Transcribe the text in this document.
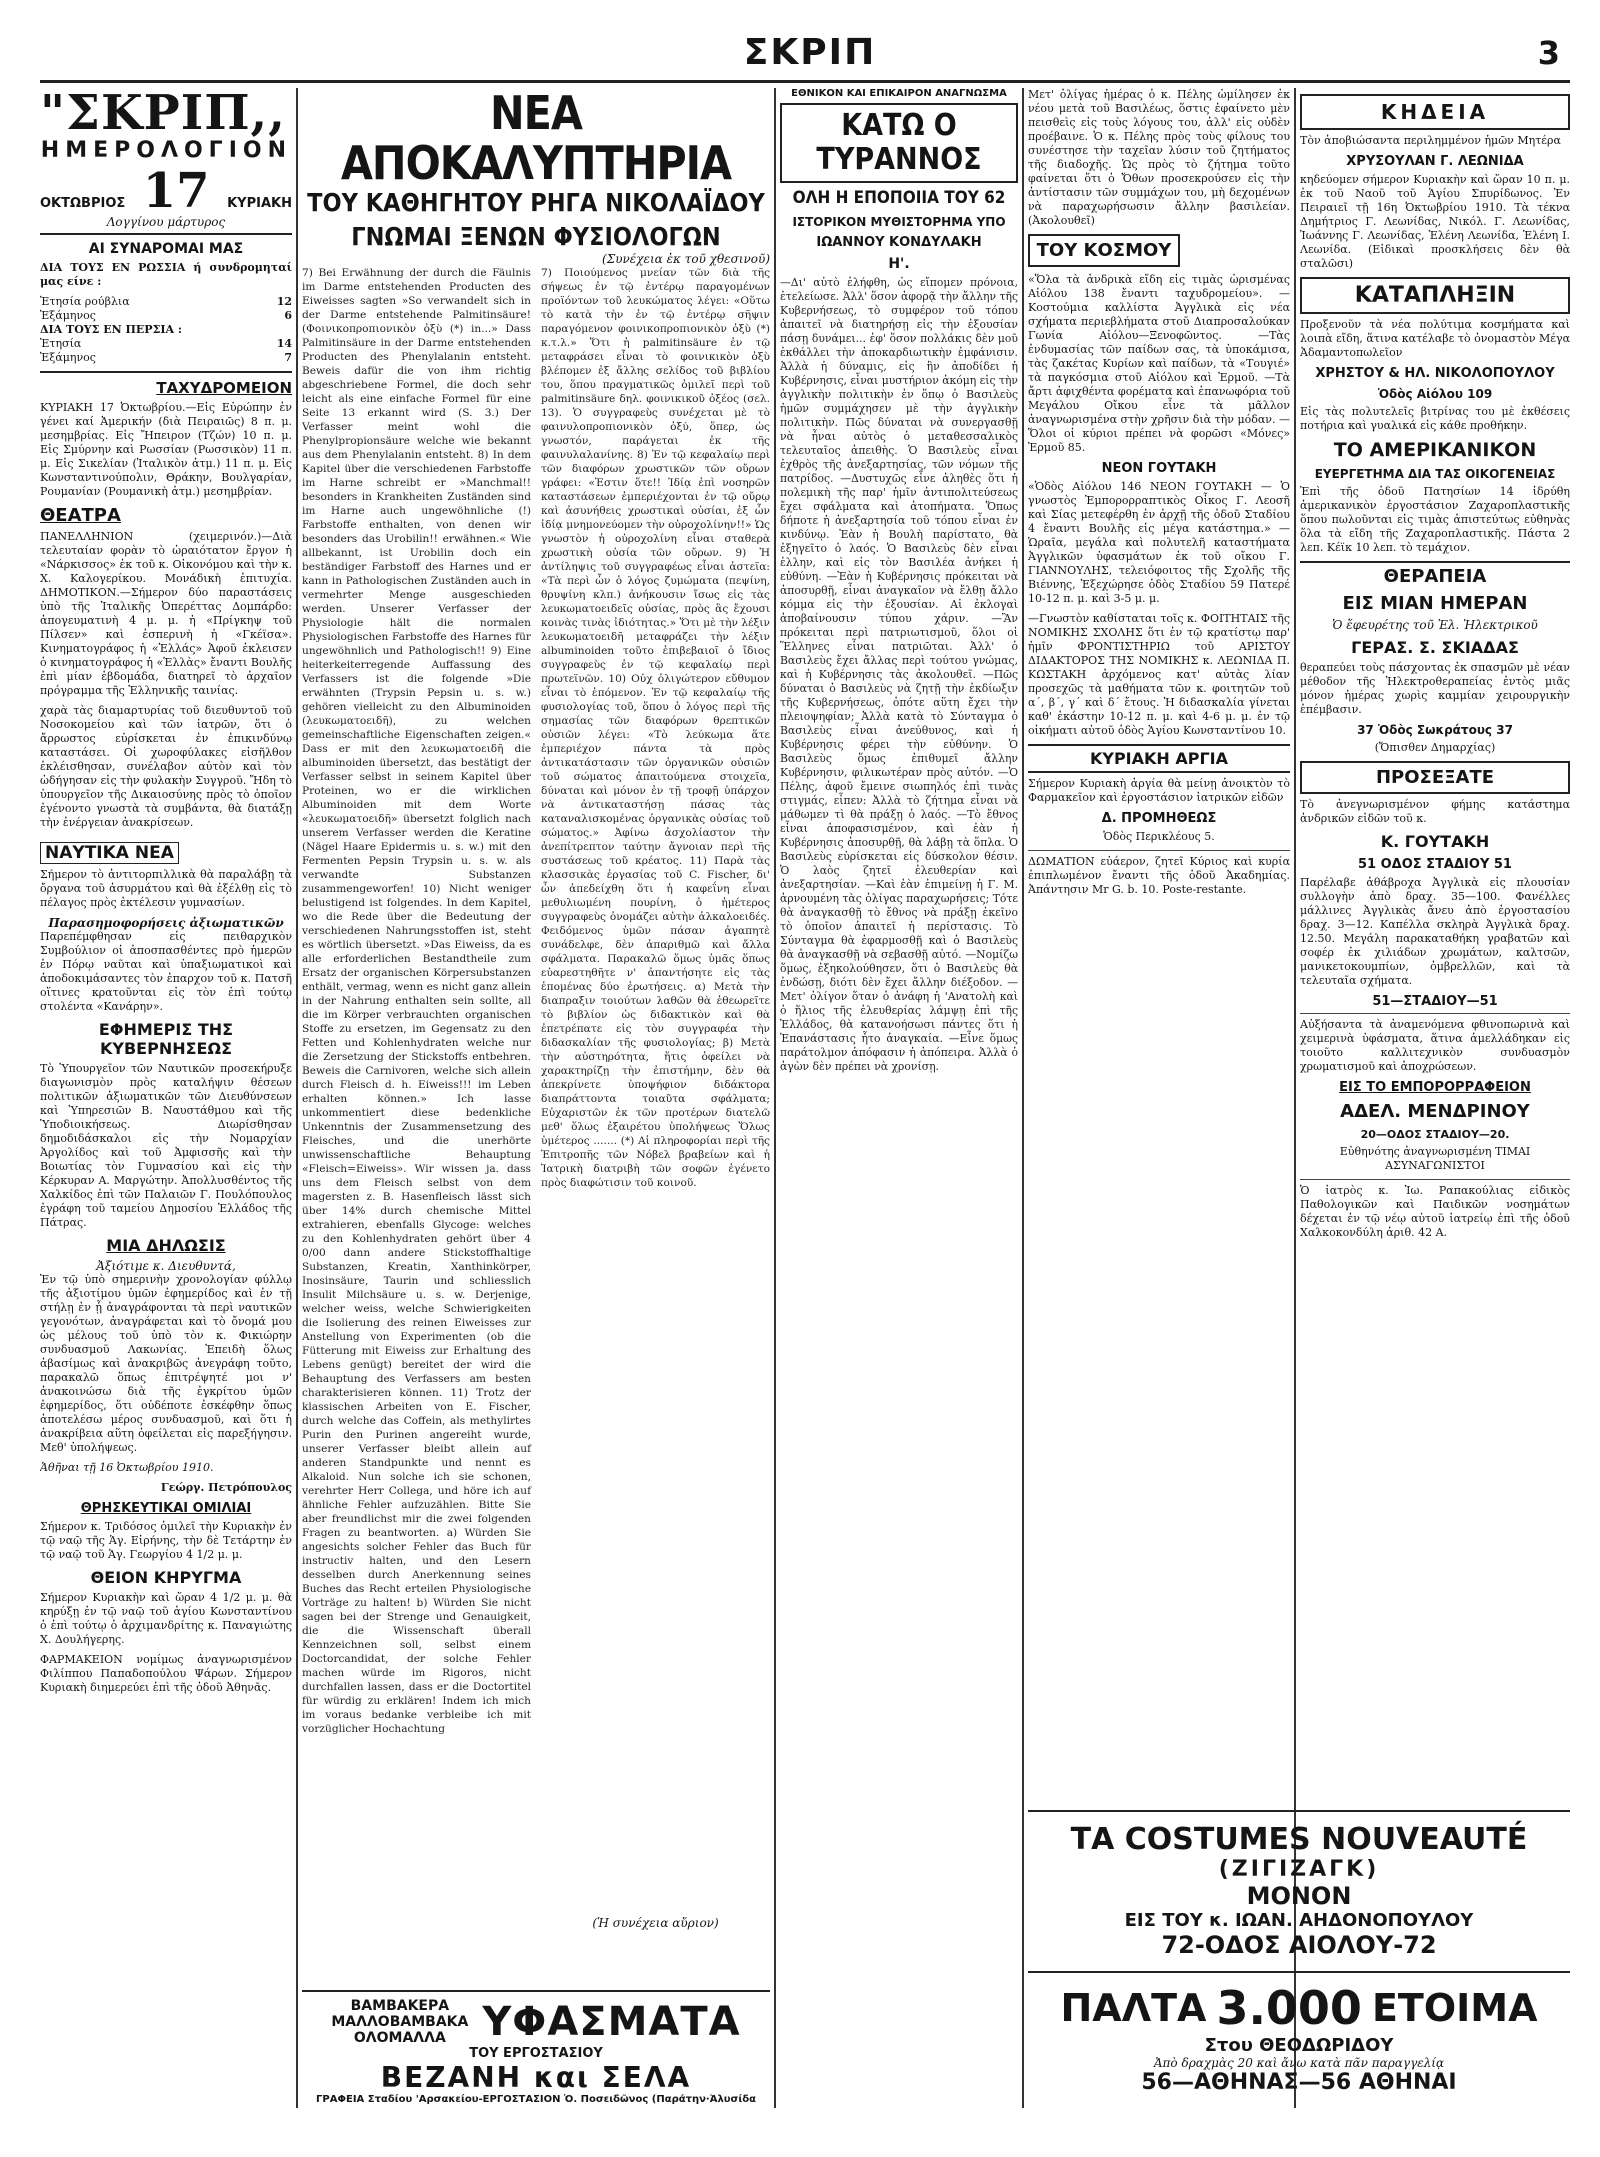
ΣΚΡΙΠ	3
"ΣΚΡΙΠ,,
ΗΜΕΡΟΛΟΓΙΟΝ
ΟΚΤΩΒΡΙΟΣ 17 ΚΥΡΙΑΚΗ
Λογγίνου μάρτυρος
ΑΙ ΣΥΝΑΡΟΜΑΙ ΜΑΣ
ΔΙΑ ΤΟΥΣ ΕΝ ΡΩΣΣΙΑ ή συνδρομηταί μας είνε :
Ἐτησία ρούβλια	12
Ἑξάμηνος	6
ΔΙΑ ΤΟΥΣ ΕΝ ΠΕΡΣΙΑ :
Ἐτησία	14
Ἑξάμηνος	7
ΤΑΧΥΔΡΟΜΕΙΟΝ
ΚΥΡΙΑΚΗ 17 Ὀκτωβρίου.—Εἰς Εὐρώπην ἐν γένει καί Ἀμερικήν (διὰ Πειραιῶς) 8 π. μ. μεσημβρίας. Εἰς Ἤπειρον (Τζών) 10 π. μ. Εἰς Σμύρνην καὶ Ρωσσίαν (Ρωσσικὸν) 11 π. μ. Εἰς Σικελίαν (Ἰταλικὸν ἀτμ.) 11 π. μ. Εἰς Κωνσταντινούπολιν, Θράκην, Βουλγαρίαν, Ρουμανίαν (Ρουμανικὴ ἀτμ.) μεσημβρίαν.
ΘΕΑΤΡΑ
ΠΑΝΕΛΛΗΝΙΟΝ (χειμερινόν.)—Διὰ τελευταίαν φορὰν τὸ ὡραιότατον ἔργον ἡ «Νάρκισσος» ἐκ τοῦ κ. Οἰκονόμου καὶ τὴν κ. Χ. Καλογερίκου. Μονάδικὴ ἐπιτυχία. ΔΗΜΟΤΙΚΟΝ.—Σήμερον δύο παραστάσεις ὑπὸ τῆς Ἰταλικῆς Ὀπερέττας Δομπάρδο: ἀπογευματινὴ 4 μ. μ. ἡ «Πρίγκηψ τοῦ Πίλσεν» καὶ ἑσπερινὴ ἡ «Γκέϊσα». Κινηματογράφος ἡ «Ἑλλάς» Ἀφοῦ ἐκλεισεν ὁ κινηματογράφος ἡ «Ἑλλὰς» ἔναντι Βουλῆς ἐπὶ μίαν ἑβδομάδα, διατηρεῖ τὸ ἀρχαῖον πρόγραμμα τῆς Ἑλληνικῆς ταινίας.
χαρὰ τὰς διαμαρτυρίας τοῦ διευθυντοῦ τοῦ Νοσοκομείου καὶ τῶν ἰατρῶν, ὅτι ὁ ἄρρωστος εὑρίσκεται ἐν ἐπικινδύνῳ καταστάσει. Οἱ χωροφύλακες εἰσῆλθον ἐκλέισθησαν, συνέλαβον αὐτὸν καὶ τὸν ὡδήγησαν εἰς τὴν φυλακὴν Συγγροῦ. Ἤδη τὸ ὑπουργεῖον τῆς Δικαιοσύνης πρὸς τὸ ὁποῖον ἐγένοντο γνωστὰ τὰ συμβάντα, θὰ διατάξῃ τὴν ἐνέργειαν ἀνακρίσεων.
ΝΑΥΤΙΚΑ ΝΕΑ
Σήμερον τὸ ἀντιτορπιλλικὰ θὰ παραλάβῃ τὰ ὄργανα τοῦ ἀσυρμάτου καὶ θὰ ἐξέλθῃ εἰς τὸ πέλαγος πρὸς ἐκτέλεσιν γυμνασίων.
Παρασημοφορήσεις ἀξιωματικῶν
Παρεπέμφθησαν εἰς πειθαρχικὸν Συμβούλιον οἱ ἀποσπασθέντες πρὸ ἡμερῶν ἐν Πόρῳ ναῦται καὶ ὑπαξιωματικοὶ καὶ ἀποδοκιμάσαντες τὸν ἐπαρχον τοῦ κ. Πατσῆ οἵτινες κρατοῦνται εἰς τὸν ἐπὶ τούτῳ στολέντα «Κανάρην».
ΕΦΗΜΕΡΙΣ ΤΗΣ ΚΥΒΕΡΝΗΣΕΩΣ
Τὸ Ὑπουργεῖον τῶν Ναυτικῶν προσεκήρυξε διαγωνισμὸν πρὸς καταλήψιν θέσεων πολιτικῶν ἀξιωματικῶν τῶν Διευθύνσεων καὶ Ὑπηρεσιῶν Β. Ναυστάθμου καὶ τῆς Ὑποδιοικήσεως. Διωρίσθησαν δημοδιδάσκαλοι εἰς τὴν Νομαρχίαν Ἀργολίδος καὶ τοῦ Ἀμφισσῆς καὶ τὴν Βοιωτίας τὸν Γυμνασίου καὶ εἰς τὴν Κέρκυραν Α. Μαργώτην. Ἀπολλυσθέντος τῆς Χαλκίδος ἐπὶ τῶν Παλαιῶν Γ. Πουλόπουλος ἐγράφη τοῦ ταμείου Δημοσίου Ἑλλάδος τῆς Πάτρας.
ΜΙΑ ΔΗΛΩΣΙΣ
Ἀξιότιμε κ. Διευθυντά,
Ἐν τῷ ὑπὸ σημερινὴν χρονολογίαν φύλλῳ τῆς ἀξιοτίμου ὑμῶν ἐφημερίδος καὶ ἐν τῇ στήλῃ ἐν ᾗ ἀναγράφονται τὰ περὶ ναυτικῶν γεγονότων, ἀναγράφεται καὶ τὸ ὄνομά μου ὡς μέλους τοῦ ὑπὸ τὸν κ. Φικιώρην συνδυασμοῦ Λακωνίας. Ἐπειδὴ ὅλως ἀβασίμως καὶ ἀνακριβῶς ἀνεγράφη τοῦτο, παρακαλῶ ὅπως ἐπιτρέψητέ μοι ν' ἀνακοινώσω διὰ τῆς ἐγκρίτου ὑμῶν ἐφημερίδος, ὅτι οὐδέποτε ἐσκέφθην ὅπως ἀποτελέσω μέρος συνδυασμοῦ, καὶ ὅτι ἡ ἀνακρίβεια αὕτη ὀφείλεται εἰς παρεξήγησιν. Μεθ' ὑπολήψεως.
Ἀθῆναι τῇ 16 Ὀκτωβρίου 1910.
Γεώργ. Πετρόπουλος
ΘΡΗΣΚΕΥΤΙΚΑΙ ΟΜΙΛΙΑΙ
Σήμερον κ. Τριδόσος ὁμιλεῖ τὴν Κυριακὴν ἐν τῷ ναῷ τῆς Ἁγ. Εἰρήνης, τὴν δὲ Τετάρτην ἐν τῷ ναῷ τοῦ Ἁγ. Γεωργίου 4 1/2 μ. μ.
ΘΕΙΟΝ ΚΗΡΥΓΜΑ
Σήμερον Κυριακὴν καὶ ὥραν 4 1/2 μ. μ. θὰ κηρύξῃ ἐν τῷ ναῷ τοῦ ἁγίου Κωνσταντίνου ὁ ἐπὶ τούτῳ ὁ ἀρχιμανδρίτης κ. Παναγιώτης Χ. Δουλήγερης.
ΦΑΡΜΑΚΕΙΟΝ νομίμως ἀναγνωρισμένον Φιλίππου Παπαδοπούλου Ψάρων. Σήμερον Κυριακὴ διημερεύει ἐπὶ τῆς ὁδοῦ Ἀθηνᾶς.
ΝΕΑ ΑΠΟΚΑΛΥΠΤΗΡΙΑ
ΤΟΥ ΚΑΘΗΓΗΤΟΥ ΡΗΓΑ ΝΙΚΟΛΑΪΔΟΥ
ΓΝΩΜΑΙ ΞΕΝΩΝ ΦΥΣΙΟΛΟΓΩΝ
(Συνέχεια ἐκ τοῦ χθεσινοῦ)
7) Bei Erwähnung der durch die Fäulnis im Darme entstehenden Producten des Eiweisses sagten »So verwandelt sich in der Darme entstehende Palmitinsäure! (Φοινικοπροπιονικὸν ὀξὺ (*) in...» Dass Palmitinsäure in der Darme entstehenden Producten des Phenylalanin entsteht. Beweis dafür die von ihm richtig abgeschriebene Formel, die doch sehr leicht als eine einfache Formel für eine Seite 13 erkannt wird (S. 3.) Der Verfasser meint wohl die Phenylpropionsäure welche wie bekannt aus dem Phenylalanin entsteht. 8) In dem Kapitel über die verschiedenen Farbstoffe im Harne schreibt er »Manchmal!! besonders in Krankheiten Zuständen sind im Harne auch ungewöhnliche (!) Farbstoffe enthalten, von denen wir besonders das Urobilin!! erwähnen.« Wie allbekannt, ist Urobilin doch ein beständiger Farbstoff des Harnes und er kann in Pathologischen Zuständen auch in vermehrter Menge ausgeschieden werden. Unserer Verfasser der Physiologie hält die normalen Physiologischen Farbstoffe des Harnes für ungewöhnlich und Pathologisch!! 9) Eine heiterkeiterregende Auffassung des Verfassers ist die folgende »Die erwähnten (Trypsin Pepsin u. s. w.) gehören vielleicht zu den Albuminoiden (λευκωματοειδῆ), zu welchen gemeinschaftliche Eigenschaften zeigen.« Dass er mit den λευκωματοειδῆ die albuminoiden übersetzt, das bestätigt der Verfasser selbst in seinem Kapitel über Proteinen, wo er die wirklichen Albuminoiden mit dem Worte «λευκωματοειδῆ» übersetzt folglich nach unserem Verfasser werden die Keratine (Nägel Haare Epidermis u. s. w.) mit den Fermenten Pepsin Trypsin u. s. w. als verwandte Substanzen zusammengeworfen! 10) Nicht weniger belustigend ist folgendes. In dem Kapitel, wo die Rede über die Bedeutung der verschiedenen Nahrungsstoffen ist, steht es wörtlich übersetzt. »Das Eiweiss, da es alle erforderlichen Bestandtheile zum Ersatz der organischen Körpersubstanzen enthält, vermag, wenn es nicht ganz allein in der Nahrung enthalten sein sollte, all die im Körper verbrauchten organischen Stoffe zu ersetzen, im Gegensatz zu den Fetten und Kohlenhydraten welche nur die Zersetzung der Stickstoffs entbehren. Beweis die Carnivoren, welche sich allein durch Fleisch d. h. Eiweiss!!! im Leben erhalten können.» Ich lasse unkommentiert diese bedenkliche Unkenntnis der Zusammensetzung des Fleisches, und die unerhörte unwissenschaftliche Behauptung «Fleisch=Eiweiss». Wir wissen ja. dass uns dem Fleisch selbst von dem magersten z. B. Hasenfleisch lässt sich über 14% durch chemische Mittel extrahieren, ebenfalls Glycoge: welches zu den Kohlenhydraten gehört über 4 0/00 dann andere Stickstoffhaltige Substanzen, Kreatin, Xanthinkörper, Inosinsäure, Taurin und schliesslich Insulit Milchsäure u. s. w. Derjenige, welcher weiss, welche Schwierigkeiten die Isolierung des reinen Eiweisses zur Anstellung von Experimenten (ob die Fütterung mit Eiweiss zur Erhaltung des Lebens genügt) bereitet der wird die Behauptung des Verfassers am besten charakterisieren können. 11) Trotz der klassischen Arbeiten von E. Fischer, durch welche das Coffein, als methylirtes Purin den Purinen angereiht wurde, unserer Verfasser bleibt allein auf anderen Standpunkte und nennt es Alkaloid. Nun solche ich sie schonen, verehrter Herr Collega, und höre ich auf ähnliche Fehler aufzuzählen. Bitte Sie aber freundlichst mir die zwei folgenden Fragen zu beantworten. a) Würden Sie angesichts solcher Fehler das Buch für instructiv halten, und den Lesern desselben durch Anerkennung seines Buches das Recht erteilen Physiologische Vorträge zu halten! b) Würden Sie nicht sagen bei der Strenge und Genauigkeit, die die Wissenschaft überall Kennzeichnen soll, selbst einem Doctorcandidat, der solche Fehler machen würde im Rigoros, nicht durchfallen lassen, dass er die Doctortitel für würdig zu erklären! Indem ich mich im voraus bedanke verbleibe ich mit vorzüglicher Hochachtung
7) Ποιούμενος μνείαν τῶν διὰ τῆς σήψεως ἐν τῷ ἐντέρῳ παραγομένων προϊόντων τοῦ λευκώματος λέγει: «Οὕτω τὸ κατὰ τὴν ἐν τῷ ἐντέρῳ σῆψιν παραγόμενον φοινικοπροπιονικὸν ὀξὺ (*) κ.τ.λ.» Ὅτι ἡ palmitinsäure ἐν τῷ μεταφράσει εἶναι τὸ φοινικικὸν ὀξὺ βλέπομεν ἐξ ἄλλης σελίδος τοῦ βιβλίου του, ὅπου πραγματικῶς ὁμιλεῖ περὶ τοῦ palmitinsäure δηλ. φοινικικοῦ ὀξέος (σελ. 13). Ὁ συγγραφεὺς συνέχεται μὲ τὸ φαινυλοπροπιονικὸν ὀξύ, ὅπερ, ὡς γνωστόν, παράγεται ἐκ τῆς φαινυλαλανίνης. 8) Ἐν τῷ κεφαλαίῳ περὶ τῶν διαφόρων χρωστικῶν τῶν οὔρων γράφει: «Ἐστιν ὅτε!! Ἰδίᾳ ἐπὶ νοσηρῶν καταστάσεων ἐμπεριέχονται ἐν τῷ οὔρῳ καὶ ἀσυνήθεις χρωστικαὶ οὐσίαι, ἐξ ὧν ἰδίᾳ μνημονεύομεν τὴν οὐροχολίνην!!» Ὡς γνωστὸν ἡ οὐροχολίνη εἶναι σταθερὰ χρωστικὴ οὐσία τῶν οὔρων. 9) Ἡ ἀντίληψις τοῦ συγγραφέως εἶναι ἀστεῖα: «Τὰ περὶ ὧν ὁ λόγος ζυμώματα (πεψίνη, θρυψίνη κλπ.) ἀνήκουσιν ἴσως εἰς τὰς λευκωματοειδεῖς οὐσίας, πρὸς ἃς ἔχουσι κοινὰς τινὰς ἰδιότητας.» Ὅτι μὲ τὴν λέξιν λευκωματοειδῆ μεταφράζει τὴν λέξιν albuminoiden τοῦτο ἐπιβεβαιοῖ ὁ ἴδιος συγγραφεὺς ἐν τῷ κεφαλαίῳ περὶ πρωτεϊνῶν. 10) Οὐχ ὀλιγώτερον εὔθυμον εἶναι τὸ ἑπόμενον. Ἐν τῷ κεφαλαίῳ τῆς φυσιολογίας τοῦ, ὅπου ὁ λόγος περὶ τῆς σημασίας τῶν διαφόρων θρεπτικῶν οὐσιῶν λέγει: «Τὸ λεύκωμα ἅτε ἐμπεριέχον πάντα τὰ πρὸς ἀντικατάστασιν τῶν ὀργανικῶν οὐσιῶν τοῦ σώματος ἀπαιτούμενα στοιχεῖα, δύναται καὶ μόνον ἐν τῇ τροφῇ ὑπάρχον νὰ ἀντικαταστήσῃ πάσας τὰς καταναλισκομένας ὀργανικὰς οὐσίας τοῦ σώματος.» Ἀφίνω ἀσχολίαστον τὴν ἀνεπίτρεπτον ταύτην ἄγνοιαν περὶ τῆς συστάσεως τοῦ κρέατος. 11) Παρὰ τὰς κλασσικὰς ἐργασίας τοῦ C. Fischer, δι' ὧν ἀπεδείχθη ὅτι ἡ καφεΐνη εἶναι μεθυλιωμένη πουρίνη, ὁ ἡμέτερος συγγραφεὺς ὀνομάζει αὐτὴν ἀλκαλοειδές. Φειδόμενος ὑμῶν πάσαν ἀγαπητὲ συνάδελφε, δὲν ἀπαριθμῶ καὶ ἄλλα σφάλματα. Παρακαλῶ ὅμως ὑμᾶς ὅπως εὐαρεστηθῆτε ν' ἀπαντήσητε εἰς τὰς ἑπομένας δύο ἐρωτήσεις. α) Μετὰ τὴν διαπραξιν τοιούτων λαθῶν θὰ ἐθεωρεῖτε τὸ βιβλίον ὡς διδακτικὸν καὶ θὰ ἐπετρέπατε εἰς τὸν συγγραφέα τὴν διδασκαλίαν τῆς φυσιολογίας; β) Μετὰ τὴν αὐστηρότητα, ἥτις ὀφείλει νὰ χαρακτηρίζῃ τὴν ἐπιστήμην, δὲν θὰ ἀπεκρίνετε ὑποψήφιον διδάκτορα διαπράττοντα τοιαῦτα σφάλματα; Εὐχαριστῶν ἐκ τῶν προτέρων διατελῶ μεθ' ὅλως ἐξαιρέτου ὑπολήψεως Ὅλως ὑμέτερος ....... (*) Αἱ πληροφορίαι περὶ τῆς Ἐπιτροπῆς τῶν Νόβελ βραβείων καὶ ἡ Ἰατρικὴ διατριβὴ τῶν σοφῶν ἐγένετο πρὸς διαφώτισιν τοῦ κοινοῦ.
(Ἡ συνέχεια αὔριον)
ΒΑΜΒΑΚΕΡΑ
ΜΑΛΛΟΒΑΜΒΑΚΑ
ΟΛΟΜΑΛΛΑ ΥΦΑΣΜΑΤΑ
ΤΟΥ ΕΡΓΟΣΤΑΣΙΟΥ
ΒΕΖΑΝΗ και ΣΕΛΑ
ΓΡΑΦΕΙΑ Σταδίου 'Αρσακείου-ΕΡΓΟΣΤΑΣΙΟΝ Ὁ. Ποσειδῶνος (Παράτην·Ἀλυσίδα
ΕΘΝΙΚΟΝ ΚΑΙ ΕΠΙΚΑΙΡΟΝ ΑΝΑΓΝΩΣΜΑ
ΚΑΤΩ Ο ΤΥΡΑΝΝΟΣ
ΟΛΗ Η ΕΠΟΠΟΙΙΑ ΤΟΥ 62
ΙΣΤΟΡΙΚΟΝ ΜΥΘΙΣΤΟΡΗΜΑ ΥΠΟ
ΙΩΑΝΝΟΥ ΚΟΝΔΥΛΑΚΗ
Η'.
—Δι' αὐτὸ ἐλήφθη, ὡς εἴπομεν πρόνοια, ἐτελείωσε. Ἀλλ' ὅσον ἀφορᾷ τὴν ἄλλην τῆς Κυβερνήσεως, τὸ συμφέρον τοῦ τόπου ἀπαιτεῖ νὰ διατηρήσῃ εἰς τὴν ἐξουσίαν πάσῃ δυνάμει... ἐφ' ὅσον πολλάκις δὲν μοῦ ἐκθάλλει τὴν ἀποκαρδιωτικὴν ἐμφάνισιν. Ἀλλὰ ἡ δύναμις, εἰς ἣν ἀποδίδει ἡ Κυβέρνησις, εἶναι μυστήριον ἀκόμη εἰς τὴν ἀγγλικὴν πολιτικὴν ἐν ὅπῳ ὁ Βασιλεὺς ἡμῶν συμμάχησεν μὲ τὴν ἀγγλικὴν πολιτικὴν. Πῶς δύναται νὰ συνεργασθῇ νὰ ἦναι αὐτὸς ὁ μεταθεσσαλικὸς τελευταῖος ἀπειθὴς. Ὁ Βασιλεὺς εἶναι ἐχθρὸς τῆς ἀνεξαρτησίας, τῶν νόμων τῆς πατρίδος. —Δυστυχῶς εἶνε ἀληθὲς ὅτι ἡ πολεμικὴ τῆς παρ' ἡμῖν ἀντιπολιτεύσεως ἔχει σφάλματα καὶ ἀτοπήματα. Ὅπως δήποτε ἡ ἀνεξαρτησία τοῦ τόπου εἶναι ἐν κινδύνῳ. Ἐὰν ἡ Βουλὴ παρίστατο, θὰ ἐξηγεῖτο ὁ λαός. Ὁ Βασιλεὺς δὲν εἶναι ἑλλην, καὶ εἰς τὸν Βασιλέα ἀνήκει ἡ εὐθύνη. —Ἐὰν ἡ Κυβέρνησις πρόκειται νὰ ἀποσυρθῇ, εἶναι ἀναγκαῖον νὰ ἔλθῃ ἄλλο κόμμα εἰς τὴν ἐξουσίαν. Αἱ ἐκλογαὶ ἀποβαίνουσιν τύπου χάριν. —Ἂν πρόκειται περὶ πατριωτισμοῦ, ὅλοι οἱ Ἕλληνες εἶναι πατριῶται. Ἀλλ' ὁ Βασιλεὺς ἔχει ἄλλας περὶ τούτου γνώμας, καὶ ἡ Κυβέρνησις τὰς ἀκολουθεῖ. —Πῶς δύναται ὁ Βασιλεὺς νὰ ζητῇ τὴν ἐκδίωξιν τῆς Κυβερνήσεως, ὁπότε αὕτη ἔχει τὴν πλειοψηφίαν; Ἀλλὰ κατὰ τὸ Σύνταγμα ὁ Βασιλεὺς εἶναι ἀνεύθυνος, καὶ ἡ Κυβέρνησις φέρει τὴν εὐθύνην. Ὁ Βασιλεὺς ὅμως ἐπιθυμεῖ ἄλλην Κυβέρνησιν, φιλικωτέραν πρὸς αὐτόν. —Ὁ Πέλης, ἀφοῦ ἔμεινε σιωπηλός ἐπὶ τινὰς στιγμάς, εἶπεν: Ἀλλὰ τὸ ζήτημα εἶναι νὰ μάθωμεν τὶ θὰ πράξῃ ὁ λαός. —Τὸ ἔθνος εἶναι ἀποφασισμένον, καὶ ἐὰν ἡ Κυβέρνησις ἀποσυρθῇ, θὰ λάβῃ τὰ ὅπλα. Ὁ Βασιλεὺς εὑρίσκεται εἰς δύσκολον θέσιν. Ὁ λαὸς ζητεῖ ἐλευθερίαν καὶ ἀνεξαρτησίαν. —Καὶ ἐὰν ἐπιμείνῃ ἡ Γ. Μ. ἀρνουμένη τὰς ὀλίγας παραχωρήσεις; Τότε θὰ ἀναγκασθῇ τὸ ἔθνος νὰ πράξῃ ἐκεῖνο τὸ ὁποῖον ἀπαιτεῖ ἡ περίστασις. Τὸ Σύνταγμα θὰ ἐφαρμοσθῇ καὶ ὁ Βασιλεὺς θὰ ἀναγκασθῇ νὰ σεβασθῇ αὐτό. —Νομίζω ὅμως, ἐξηκολούθησεν, ὅτι ὁ Βασιλεὺς θὰ ἐνδώσῃ, διότι δὲν ἔχει ἄλλην διέξοδον. —Μετ' ὀλίγον ὅταν ὁ ἀνάφη ἡ 'Ανατολὴ καὶ ὁ ἥλιος τῆς ἐλευθερίας λάμψῃ ἐπὶ τῆς Ἑλλάδος, θὰ κατανοήσωσι πάντες ὅτι ἡ Ἐπανάστασις ἦτο ἀναγκαία. —Εἶνε ὅμως παράτολμον ἀπόφασιν ἡ ἀπόπειρα. Ἀλλὰ ὁ ἀγὼν δὲν πρέπει νὰ χρονίσῃ.
Μετ' ὀλίγας ἡμέρας ὁ κ. Πέλης ὡμίλησεν ἐκ νέου μετὰ τοῦ Βασιλέως, ὅστις ἐφαίνετο μὲν πεισθεὶς εἰς τοὺς λόγους του, ἀλλ' εἰς οὐδὲν προέβαινε. Ὁ κ. Πέλης πρὸς τοὺς φίλους του συνέστησε τὴν ταχεῖαν λύσιν τοῦ ζητήματος τῆς διαδοχῆς. Ὡς πρὸς τὸ ζήτημα τοῦτο φαίνεται ὅτι ὁ Ὄθων προσεκρούσεν εἰς τὴν ἀντίστασιν τῶν συμμάχων του, μὴ δεχομένων νὰ παραχωρήσωσιν ἄλλην βασιλείαν. (Ἀκολουθεῖ)
ΤΟΥ ΚΟΣΜΟΥ
«Ὅλα τὰ ἀνδρικὰ εἴδη εἰς τιμὰς ὡρισμένας Αἰόλου 138 ἔναντι ταχυδρομείου». —Κοστούμια καλλίστα Ἀγγλικὰ εἰς νέα σχήματα περιεβλήματα στοῦ Διαπροσαλούκαν Γωνία Αἰόλου—Ξενοφῶντος. —Τὰς ἐνδυμασίας τῶν παίδων σας, τὰ ὑποκάμισα, τὰς ζακέτας Κυρίων καὶ παίδων, τὰ «Τουγιέ» τὰ παγκόσμια στοῦ Αἰόλου καὶ Ἐρμοῦ. —Τὰ ἄρτι ἀφιχθέντα φορέματα καὶ ἐπανωφόρια τοῦ Μεγάλου Οἴκου εἶνε τὰ μᾶλλον ἀναγνωρισμένα στὴν χρῆσιν διὰ τὴν μόδαν. —Ὅλοι οἱ κύριοι πρέπει νὰ φορῶσι «Μόνες» Ἐρμοῦ 85.
ΝΕΟΝ ΓΟΥΤΑΚΗ
«Ὁδὸς Αἰόλου 146 ΝΕΟΝ ΓΟΥΤΑΚΗ — Ὁ γνωστὸς Ἐμπορορραπτικὸς Οἶκος Γ. Λεοσῆ καὶ Σίας μετεφέρθη ἐν ἀρχῇ τῆς ὁδοῦ Σταδίου 4 ἔναντι Βουλῆς εἰς μέγα κατάστημα.» —Ὡραῖα, μεγάλα καὶ πολυτελῆ καταστήματα Ἀγγλικῶν ὑφασμάτων ἐκ τοῦ οἴκου Γ. ΓΙΑΝΝΟΥΛΗΣ, τελειόφοιτος τῆς Σχολῆς τῆς Βιέννης, Ἐξεχώρησε ὁδὸς Σταδίου 59 Πατερέ 10-12 π. μ. καὶ 3-5 μ. μ.
—Γνωστὸν καθίσταται τοῖς κ. ΦΟΙΤΗΤΑΙΣ τῆς ΝΟΜΙΚΗΣ ΣΧΟΛΗΣ ὅτι ἐν τῷ κρατίστῳ παρ' ἡμῖν ΦΡΟΝΤΙΣΤΗΡΙΩ τοῦ ΑΡΙΣΤΟΥ ΔΙΔΑΚΤΟΡΟΣ ΤΗΣ ΝΟΜΙΚΗΣ κ. ΛΕΩΝΙΔΑ Π. ΚΩΣΤΑΚΗ ἀρχόμενος κατ' αὐτὰς λίαν προσεχῶς τὰ μαθήματα τῶν κ. φοιτητῶν τοῦ α΄, β΄, γ΄ καὶ δ΄ ἔτους. Ἡ διδασκαλία γίνεται καθ' ἑκάστην 10-12 π. μ. καὶ 4-6 μ. μ. ἐν τῷ οἰκήματι αὐτοῦ ὁδὸς Ἁγίου Κωνσταντίνου 10.
ΚΥΡΙΑΚΗ ΑΡΓΙΑ
Σήμερον Κυριακὴ ἀργία θὰ μείνῃ ἀνοικτὸν τὸ Φαρμακεῖον καὶ ἐργοστάσιον ἰατρικῶν εἰδῶν
Δ. ΠΡΟΜΗΘΕΩΣ
Ὁδὸς Περικλέους 5.
ΔΩΜΑΤΙΟΝ εὐάερον, ζητεῖ Κύριος καὶ κυρία ἐπιπλωμένον ἔναντι τῆς ὁδοῦ Ἀκαδημίας. Ἀπάντησιν Mr G. b. 10. Poste-restante.
ΚΗΔΕΙΑ
Τὸν ἀποβιώσαντα περιλημμένον ἡμῶν Μητέρα
ΧΡΥΣΟΥΛΑΝ Γ. ΛΕΩΝΙΔΑ
κηδεύομεν σήμερον Κυριακὴν καὶ ὥραν 10 π. μ. ἐκ τοῦ Ναοῦ τοῦ Ἁγίου Σπυρίδωνος. Ἐν Πειραιεῖ τῇ 16η Ὀκτωβρίου 1910. Τὰ τέκνα Δημήτριος Γ. Λεωνίδας, Νικόλ. Γ. Λεωνίδας, Ἰωάννης Γ. Λεωνίδας, Ἑλένη Λεωνίδα, Ἑλένη Ι. Λεωνίδα. (Εἰδικαὶ προσκλήσεις δὲν θὰ σταλῶσι)
ΚΑΤΑΠΛΗΞΙΝ
Προξενοῦν τὰ νέα πολύτιμα κοσμήματα καὶ λοιπὰ εἴδη, ἅτινα κατέλαβε τὸ ὀνομαστὸν Μέγα Ἀδαμαντοπωλεῖον
ΧΡΗΣΤΟΥ & ΗΛ. ΝΙΚΟΛΟΠΟΥΛΟΥ
Ὁδὸς Αἰόλου 109
Εἰς τὰς πολυτελεῖς βιτρίνας του μὲ ἐκθέσεις ποτήρια καὶ γυαλικά εἰς κάθε προθήκην.
ΤΟ ΑΜΕΡΙΚΑΝΙΚΟΝ
ΕΥΕΡΓΕΤΗΜΑ ΔΙΑ ΤΑΣ ΟΙΚΟΓΕΝΕΙΑΣ
Ἐπὶ τῆς ὁδοῦ Πατησίων 14 ἱδρύθη ἀμερικανικὸν ἐργοστάσιον Ζαχαροπλαστικῆς ὅπου πωλοῦνται εἰς τιμὰς ἀπιστεύτως εὐθηνὰς ὅλα τὰ εἴδη τῆς Ζαχαροπλαστικῆς. Πάστα 2 λεπ. Κέϊκ 10 λεπ. τὸ τεμάχιον.
ΘΕΡΑΠΕΙΑ
ΕΙΣ ΜΙΑΝ ΗΜΕΡΑΝ
Ὁ ἔφευρέτης τοῦ Ἐλ. Ἠλεκτρικοῦ
ΓΕΡΑΣ. Σ. ΣΚΙΑΔΑΣ
θεραπεύει τοὺς πάσχοντας ἐκ σπασμῶν μὲ νέαν μέθοδον τῆς Ἠλεκτροθεραπείας ἐντὸς μιᾶς μόνον ἡμέρας χωρὶς καμμίαν χειρουργικὴν ἐπέμβασιν.
37 Ὁδὸς Σωκράτους 37
(Ὄπισθεν Δημαρχίας)
ΠΡΟΣΕΞΑΤΕ
Τὸ ἀνεγνωρισμένον φήμης κατάστημα ἀνδρικῶν εἰδῶν τοῦ κ.
Κ. ΓΟΥΤΑΚΗ
51 ΟΔΟΣ ΣΤΑΔΙΟΥ 51
Παρέλαβε ἀθάβροχα Ἀγγλικὰ εἰς πλουσίαν συλλογὴν ἀπὸ δραχ. 35—100. Φανέλλες μάλλινες Ἀγγλικὰς ἄνευ ἀπὸ ἐργοστασίου δραχ. 3—12. Καπέλλα σκληρὰ Ἀγγλικὰ δραχ. 12.50. Μεγάλη παρακαταθήκη γραβατῶν καὶ σοφέρ ἐκ χιλιάδων χρωμάτων, καλτσῶν, μανικετοκουμπίων, ὀμβρελλῶν, καὶ τὰ τελευταῖα σχήματα.
51—ΣΤΑΔΙΟΥ—51
Αὐξήσαντα τὰ ἀναμενόμενα φθινοπωρινὰ καὶ χειμερινὰ ὑφάσματα, ἅτινα ἀμελλάδηκαν εἰς τοιοῦτο καλλιτεχνικὸν συνδυασμὸν χρωματισμοῦ καὶ ἀποχρώσεων.
ΕΙΣ ΤΟ ΕΜΠΟΡΟΡΡΑΦΕΙΟΝ
ΑΔΕΛ. ΜΕΝΔΡΙΝΟΥ
20—ΟΔΟΣ ΣΤΑΔΙΟΥ—20.
Εὐθηνότης ἀναγνωρισμένη ΤΙΜΑΙ ΑΣΥΝΑΓΩΝΙΣΤΟΙ
Ὁ ἰατρὸς κ. Ἰω. Ραπακούλιας εἰδικὸς Παθολογικῶν καὶ Παιδικῶν νοσημάτων δέχεται ἐν τῷ νέῳ αὐτοῦ ἰατρείῳ ἐπὶ τῆς ὁδοῦ Χαλκοκονδύλη ἀριθ. 42 Α.
ΤΑ COSTUMES NOUVEAUTÉ
(ΖΙΓΙΖΑΓΚ)
ΜΟΝΟΝ
ΕΙΣ ΤΟΥ κ. ΙΩΑΝ. ΑΗΔΟΝΟΠΟΥΛΟΥ
72-ΟΔΟΣ ΑΙΟΛΟΥ-72
ΠΑΛΤΑ 3.000 ΕΤΟΙΜΑ
Στου ΘΕΟΔΩΡΙΔΟΥ
Ἀπὸ δραχμὰς 20 καὶ ἄνω κατὰ πᾶν παραγγελίᾳ
56—ΑΘΗΝΑΣ—56 ΑΘΗΝΑΙ
